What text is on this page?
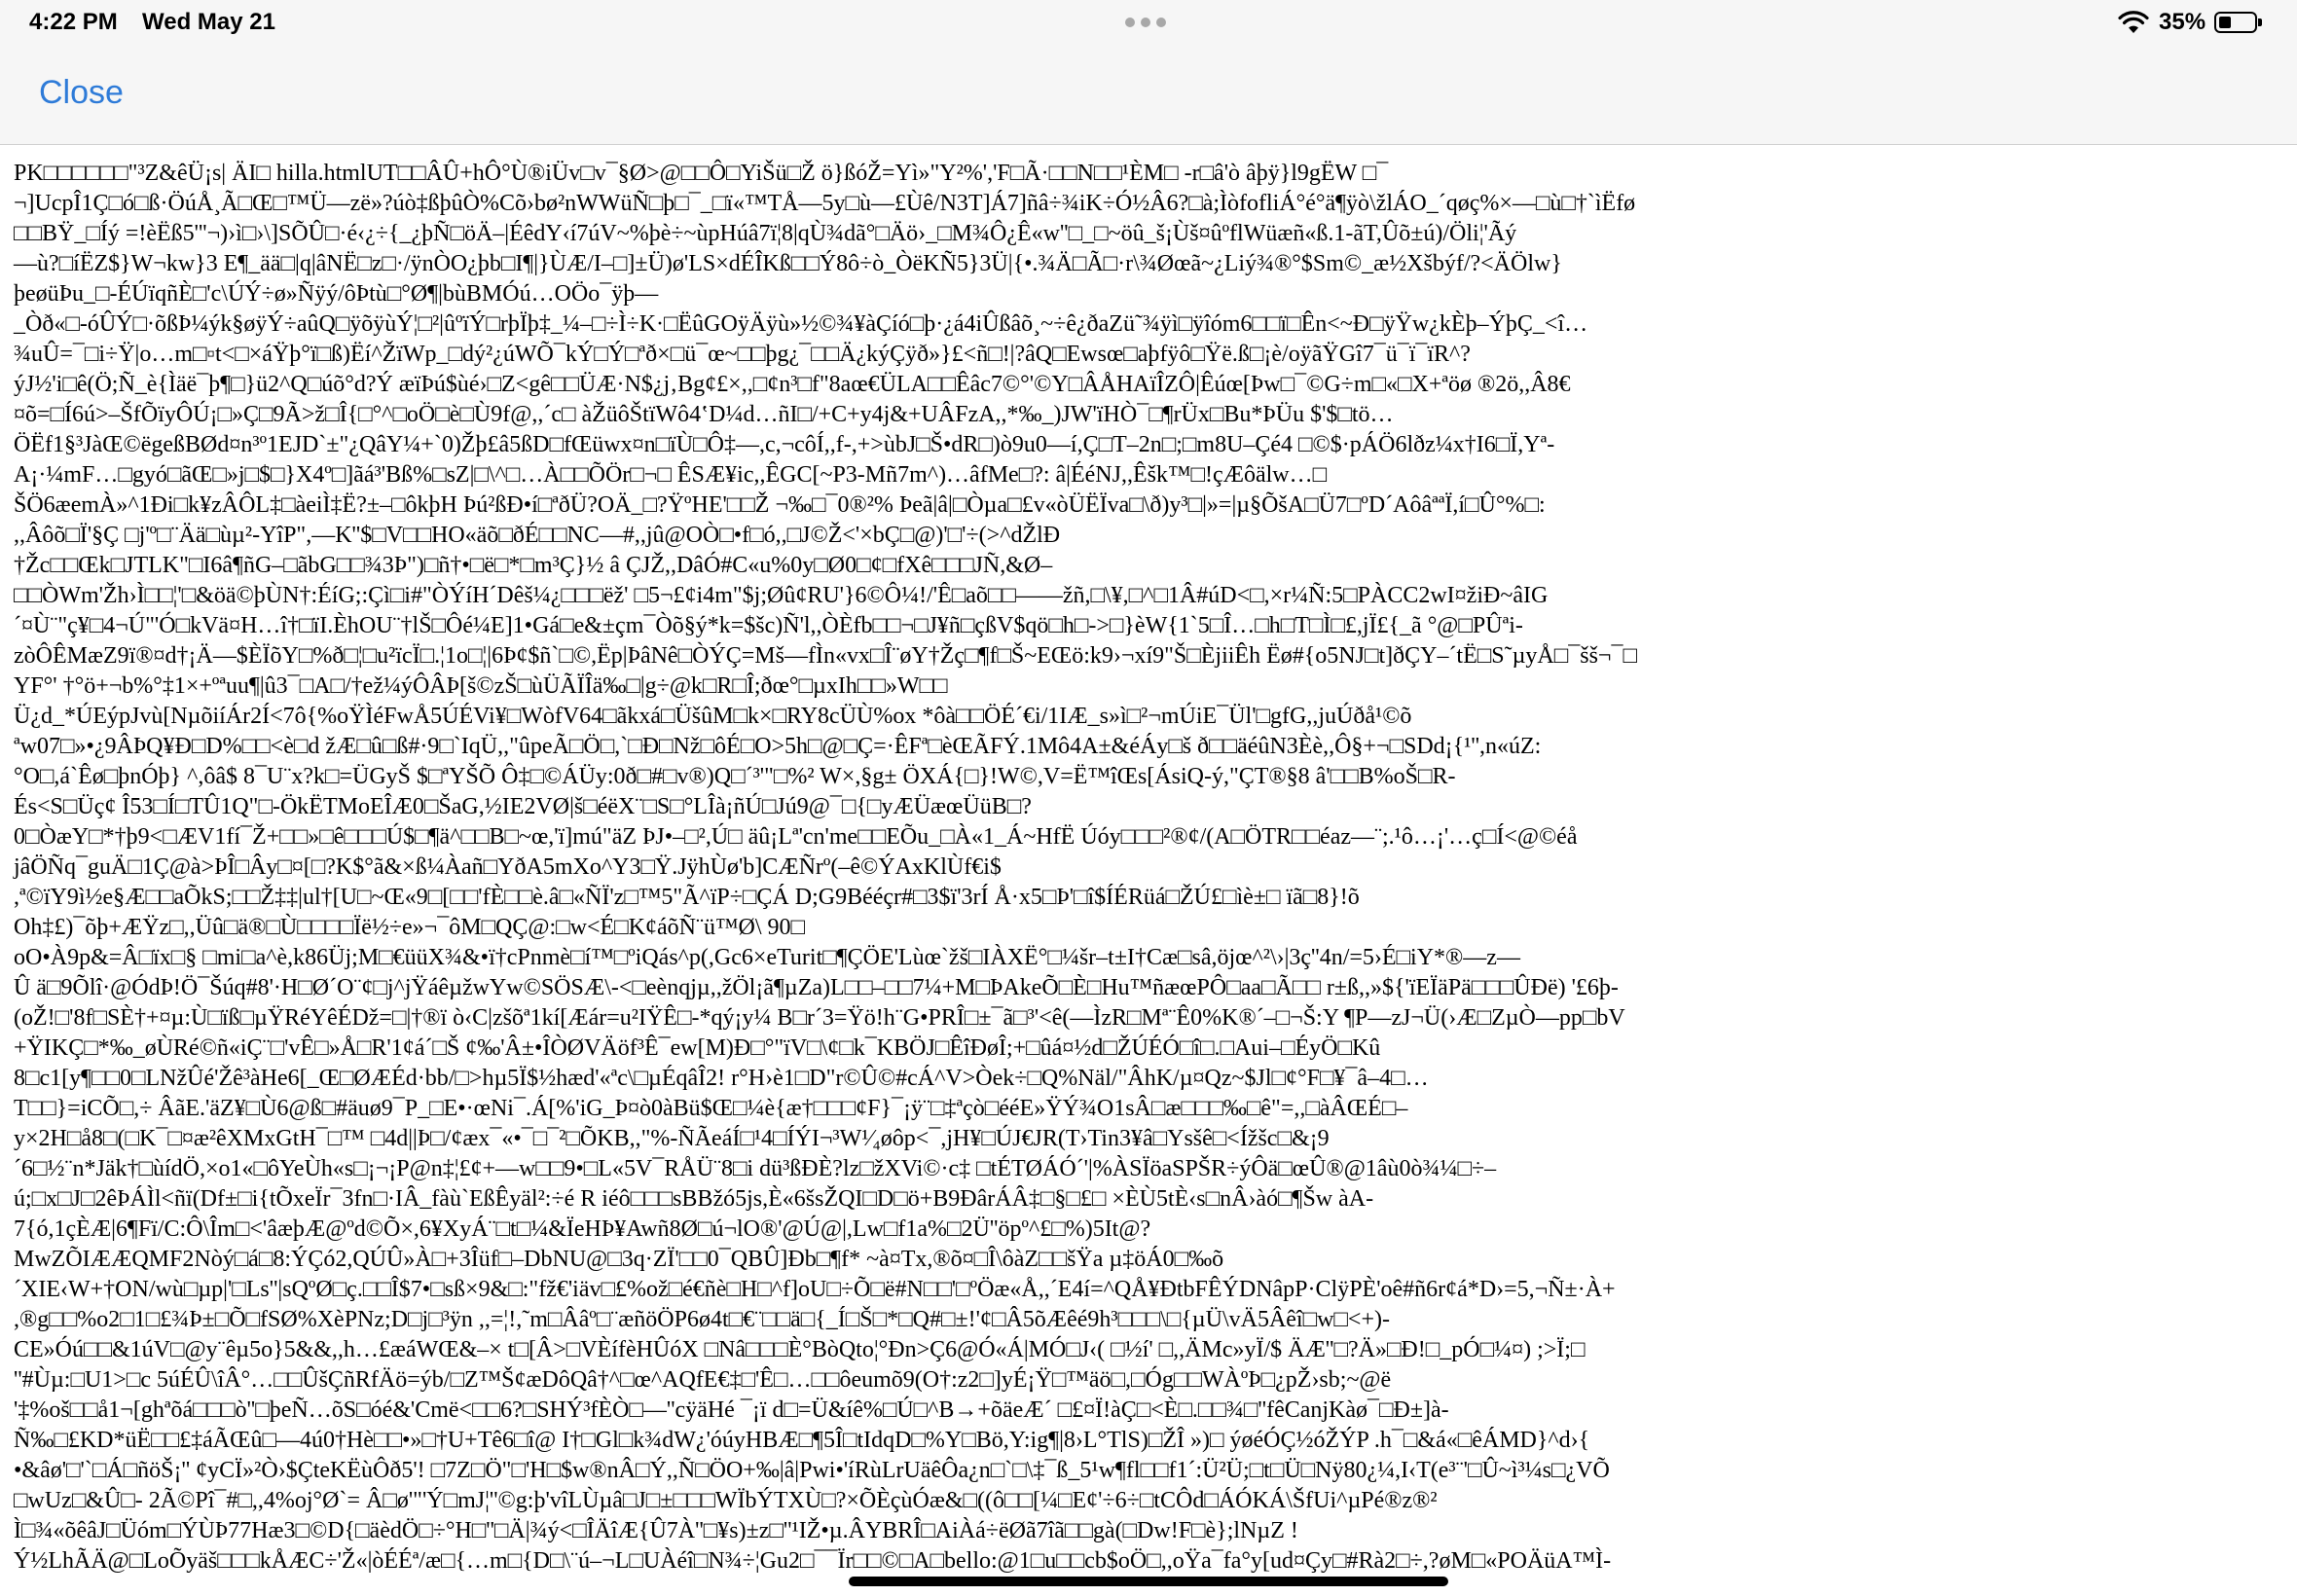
4:22 PM Wed May 21	35%
Close
PK□□□□□□"³Z&êÜ¡s| ÄI□ hilla.htmlUT□□ÂÛ+hÔ°Ù®iÜv□v¯§Ø>@□□Ô□YiŠü□Ž ö}ßóŽ=Yì»"Y²%','F□Ã·□□N□□¹ÈM□ -r□â'ò âþÿ}l9gËW □¯
¬]UcpÎ1Ç□ó□ß·ÖúÅ¸Ã□Œ□™Ü—zë»?úò‡ßþûÒ%Cõ›bø²nWWüÑ□þ□¯_□ï«™TÅ—5y□ù—£Ùê/N3T]Á7]ñâ÷¾iK÷Ó½Â6?□à;ÌòfofliÁ°é°ä¶ÿò\žlÁO_´qøç%×—□ù□†`ìËfø
□□BŸ_□Íý =!èËß5'''¬)›ì□›\]SÕÛ□·é‹¿÷{_¿þÑ□öÄ–|ÉêdY‹í7úV~%þè÷~ùpHúâ7ï¦8|qÙ¾dã°□Äö›_□M¾Ô¿Ê«w''□_□~öû_š¡Ùš¤ûºflWüæñ«ß.1-ãT,Ûõ±ú)/Öli¦'Ãý
—ù?□íËZ$}W¬kw}3 E¶_ää□|q|âNË□z□·/ÿnÒO¿þb□I¶|}ÙÆ/I–□]±Ü)ø'LS×dÉÎKß□□Ý8ô÷ò_ÒëKÑ5}3Ü|{•.¾Ä□Ã□·r\¾Øœã~¿Liý¾®°$Sm©_æ½Xšbýf/?<ÄÖlw}
þeøüÞu_□-ÉÚïqñÈ□'c\ÚÝ÷ø»Ñÿý/ôÞtù□°Ø¶|bùBMÓú…OÖo¯ÿþ—
_Òð«□-óÛÝ□·õßÞ¼ýk§øÿÝ÷aûQ□ÿõÿùÝ¦□²|ûºïÝ□rþÏþ‡_¼–□÷Ì÷K·□ËûGOÿÄÿù»½©¾¥àÇíó□þ·¿á4iÛßâõ¸~÷ê¿ðaZü˜¾ÿì□ÿîóm6□□ï□Ên<~Ð□ÿŸw¿kÈþ–ÝþÇ_<î…
¾uÛ=¯□i÷Ÿ|o…m□▫t<□×áŸþ°ï□ß)Ëí^ŽïWp_□dý²¿úWÕ¯kÝ□Ý□ªð×□ü¯œ~□□þg¿¯□□Ä¿kýÇÿð»}£<ñ□!|?âQ□Ewsœ□aþfÿô□Ÿë.ß□¡è/oÿãŸGî7¯ü¯ï¯ïR^?
ýJ½'i□ê(Ö;Ñ_è{Ìäë¯þ¶□}ü2^Q□úõ°d?Ý æïÞú$ùé›□Z<gê□□ÜÆ·N$¿j‚Bg¢£×,,□¢n³□f"8aœ€ÜLA□□Êâc7©°'©Y□ÂÅHAïÎZÔ|Êúœ[Þw□¯©G÷m□«□X+ªöø ®2ö,,Â8€
¤õ=□Í6ú>–ŠfÕïyÔÚ¡□»Ç□9Ã>ž□Î{□°^□oÖ□è□Ù9f@,,´c□ àŽüôŠtïWô4‛D¼d…ñI□/+C+y4j&+UÂFzA,,*‰_)JW'ïHÒ¯□¶rÜx□Bu*ÞÜu $'$□tö…
ÖËf1§³JàŒ©ëgeßBØd¤n³º1EJD`±"¿QâY¼+`0)Žþ£â5ßD□fŒüwx¤n□ïÙ□Ô‡—,c,¬côÍ,,f-,+>ùbJ□Š•dR□)ò9u0—í,Ç□T–2n□;□m8U–Çé4 □©$·pÁÖ6lðz¼x†I6□Ï,Yª-
A¡·¼mF…□gyó□ãŒ□»j□$□}X4º□]ãá³'Bß%□sZ|□\^□…À□□ÕÖr□¬□ ÊSÆ¥ic,,ÊGC[~P3-Mñ7m^)…âfMe□?: â|ÉéNJ,,Êšk™□!çÆôälw…□
ŠÖ6æemÀ»^1Ði□k¥zÂÔL‡□àeiÌ‡Ë?±–□ôkþH Þú²ßÐ•í□ªðÜ?OÄ_□?ŸºHE'□□Ž ¬‰□¯0®²% Þeã|â|□Òµa□£v«òÜËÏva□\ð)y³□|»=|µ§ÕšA□Ü7□ºD´AôâªªÏ,í□Û°%□:
,,Âôõ□Ï'§Ç □j'º□¨Ää□ùµ²-YîP",—K''$□V□□HO«äõ□ðÉ□□NC—#,,jû@OÒ□•f□ó,,□J©Ž<'×bÇ□@)'□'÷(>^dŽlÐ
†Žc□□Œk□JTLK"□I6â¶ñG–□ãbG□□¾3Þ")□ñ†•□ë□*□m³Ç}½ â ÇJŽ,,DâÓ#C«u%0y□Ø0□¢□fXê□□□JÑ,&Ø–
□□ÒWm'Žh›Ì□□¦'□&öä©þÙN†:ÉíG;:Çì□i#"ÒÝíH´Dêš¼¿□□□ëž' □5¬£¢i4m"$j;Øû¢RU'}6©Ô¼!/'Ê□aõ□□——žñ,□\¥,□^□1Â#úD<□,×r¼Ñ:5□PÀCC2wI¤žiÐ~âIG
´¤Ù¨"ç¥□4¬Ú"'Ó□kVä¤H…î†□ïI.ÈhOU¨†lŠ□Ôé¼E]1•Gá□e&±çm¯Òõ§ý*k=$šc)Ñ'l,,ÒÈfb□□¬□J¥ñ□çßV$qö□h□->□}èW{1`5□Î…□h□T□Ì□£,jÏ£{_ã °@□PÛªi-
zòÔÊMæZ9ï®¤d†¡Ä—$ÈÏõY□%ð□¦□u²ïcÏ□.¦1o□¦|6Þ¢$ñ`□©,Ëp|ÞâNê□ÒÝÇ=Mš—fÌn«vx□Î¨øY†Žç□¶f□Š~EŒö:k9›¬xí9"Š□ÈjiiÊh Ëø#{o5NJ□t]ðÇY–´tË□S˜µyÅ□¯šš¬¯□
YF°' †°ö+¬b%°‡1×+ºªuu¶|û3¯□A□/†ež¼ýÔÂÞ[š©zŠ□ùÜÃÏÎä‰□|g÷@k□R□Î;ðœ°□µxIh□□»W□□
Ü¿d_*ÚEýpJvù[NµõiíÁr2Í<7ô{%oŸÌéFwÅ5ÚÉVi¥□WòfV64□ãkxá□ÜšûM□k×□RY8cÜÙ%ox *ôà□□ÖÉ´€i/1IÆ_s»ì□²¬mÚiE¯Ül'□gfG,,juÚðå¹©õ
ªw07□»•¿9ÂÞQ¥Ð□D%□□<è□d žÆ□û□ß#·9□`IqÜ,,"ûpeÃ□Ö□,`□Ð□Nž□ôÉ□O>5h□@□Ç=·ÊFª□èŒÃFÝ.1Mô4A±&éÁy□š ð□□äéûN3Èè,,Ô§+¬□SDd¡{¹'',n«úZ:
°O□,á`Êø□þnÓþ} ^,ôâ$ 8¯U¨x?k□=ÜGyŠ $□ªYŠÕ Ô‡□©ÁÜy:0ð□#□v®)Q□´³'"□%² W×,§g± ÖXÁ{□}!W©,V=Ë™îŒs[ÁsiQ-ý,"ÇT®§8 â'□□B%oŠ□R-
És<S□Üç¢ Î53□Í□TÛ1Q"□-ÖkËTMoEÎÆ0□ŠaG,½IE2VØ|š□éëX¨□S□°LÎà¡ñÚ□Jú9@¯□{□yÆÜæœÜüB□?
0□ÒæY□*†þ9<□ÆV1fí¯Ž+□□»□ê□□□Ú$□¶ä^□□B□~œ,'ï]mú"äZ ÞJ•–□²,Ú□ äû¡Lª'cn'me□□EÕu_□À«1_Á~HfË Úóy□□□²®¢/(A□ÖTR□□éaz—¨;.¹ô…¡'…ç□Í<@©éå
jâÖÑq¯guÄ□1Ç@à>ÞÎ□Ây□¤[□?K$°ã&×ß¼Àañ□YðA5mXo^Y3□Ÿ.JÿhÙø'b]CÆÑrº(–ê©ÝAxKlÙf€i$
,ª©ïY9ì½e§Æ□□aÕkS;□□Ž‡‡|ul†[U□~Œ«9□[□□'fÈ□□è.â□«ÑÏ'z□™5"Ã^ïP÷□ÇÁ D;G9Bééçr#□3$ï'3rÍ Å·x5□Þ'□î$ÍÉRüá□ŽÚ£□ìè±□ ïã□8}!õ
Oh‡£)¯õþ+ÆŸz□,,Üû□ä®□Ù□□□□Ïë½÷e»¬¯ôM□QÇ@:□w<É□K¢áõÑ¨ü™Ø\ 90□
oO•À9p&=Â□ïx□§ □mi□a^è,k86Üj;M□€üüX¾&•ï†cPnmè□í™□ºiQás^p(,Gc6×eTurit□¶ÇÖE'Lùœ`žš□IÀXË°□¼šr–t±I†Cæ□sâ,öjœ^²\›|3ç''4n/=5›É□iY*®—z—
Û ä□9Õlî·@ÓdÞ!Ö¯Šúq#8'·H□Ø´O¨¢□j^jŸáêµžwYw©SÖSÆ\-<□eènqjµ,,žÖl¡ã¶µZa)L□□–□□7¼+M□ÞAkeÕ□È□Hu™ñæœPÔ□aa□Ã□□ r±ß,,»${'ïEÏäPä□□□ÛÐë) '£6þ-
(oŽ!□'8f□SÈ†+¤µ:Ù□ïß□µŸRéYêÉDž=□|†®ï ò‹C|zšõª1kí[Æár=u²IŸÊ□-*qý¡y¼ B□r´3=Ÿö!h¨G•PRÎ□±¯ã□³'<ê(—ÌzR□Mª¨Ê0%K®´–□¬Š:Y ¶P—zJ¬Ü(›Æ□ZµÒ—pp□bV
+ŸIKÇ□*‰_øÙRé©ñ«iÇ¨□'vÊ□»Å□R'1¢á´□Š ¢‰'Â±•ÎÒØVÄöf³Ê¯ew[M)Ð□°"ïV□\¢□k¯KBÖJ□ÊîÐøÎ;+□ûá¤½d□ŽÚÉÓ□î□.□Aui–□ÉyÖ□Kû
8□c1[y¶□□0□LNžÛé'Žê³àHe6[_Œ□ØÆÉd·bb/□>hµ5Ï$½hæd'«ªc\□µÉqâÎ2! r°H›è1□D"r©Û©#cÁ^V>Òek÷□Q%Näl/"ÂhK/µ¤Qz~$Jl□¢°F□¥¯â–4□…
T□□}=iCÕ□,÷ ÂãE.'äZ¥□Ù6@ß□#äuø9¯P_□E•·œNi¯.Á[%'iG_Þ¤ò0àBü$Œ□¼è{æ†□□□¢F}¯¡ÿ¨□‡ªçò□ééE»ŸÝ¾O1sÂ□æ□□□‰□ê"=,,□àÂŒÉ□–
y×2H□å8□(□K¯□¤æ²êXMxGtH¯□™ □4d||Þ□/¢æx¯«•¯□¯²□ÕKB,,"%-ÑÃeáÍ□¹4□ÍÝI¬³W¹⁄₄øôp<¯,jH¥□ÚJ€JR(T›Tin3¥â□Ysšê□<Ížšc□&¡9
´6□½¨n*Jäk†□ùídÖ,×o1«□ôYeÙh«s□¡¬¡P@n‡¦£¢+—w□□9•□L«5V¯RÅÜ¨8□i dü³ßÐÈ?lz□žXVi©·c‡ □tÉTØÁÓ´'|%ÀSÏöaSPŠR÷ýÔä□œÛ®@1âù0ò¾¼□÷–
ú;□x□J□2êÞÁÌl<ñï(Df±□i{tÕxeÏr¯3fn□·IÂ_fàù`EßÊyäl²:÷é R iéô□□□sBBžó5js,È«6šsŽQI□D□ö+B9ÐârÁÂ‡□§□£□ ×ÈÙ5tÈ‹s□nÂ›àó□¶Šw àA-
7{ó,1çÈÆ|6¶Fï/C:Ô\Îm□<'âæþÆ@ºd©Õ×,6¥XyÁ¨□t□¼&ÏeHÞ¥Awñ8Ø□ú¬lO®'@Ú@|,Lw□f1a%□2Ü''öpº^£□%)5It@?
MwZÕIÆÆQMF2Nòý□á□8:ÝÇó2,QÚÛ»À□+3Îüf□–DbNU@□3q·ZÏ'□□0¯QBÛ]Ðb□¶f* ~à¤Tx,®õ¤□Î\ôàZ□□šŸa µ‡öÁ0□‰õ
´XIE‹W+†ON/wù□µp|'□Ls''|sQºØ□ç.□□Î$7•□sß×9&□:"fž€'iäv□£%ož□é€ñè□H□^f]oU□÷Õ□ë#N□□'□ºÖæ«Å,,´E4í=^QÅ¥ÐtbFÊÝDNâpP·ClÿPÈ'oê#ñ6r¢á*D›=5,¬Ñ±·À+
,®g□□%o2□1□£¾Þ±□Õ□fSØ%XèPNz;D□j□³ÿn ,,=¦!,˜m□Ââº□¨æñöÖP6ø4t□€¨□□ä□{_Í□Š□*□Q#□±!'¢□Â5õÆêé9h³□□□\□{µÜ\vÄ5Âêî□w□<+)-
CE»Óú□□&1úV□@y¨êµ5o}5&&,,h…£æáWŒ&–× t□[Â>□VÈífèHÛóX □Nâ□□□È°BòQto¦°Ðn>Ç6@Ó«Á|MÓ□J‹( □½í' □,,ÄMc»yÏ/$ ÄÆ''□?Ä»□Ð!□_pÓ□¼¤) ;>Ï;□
''#Ùµ:□U1>□c 5úÉÛ\îÂ°…□□ÛšÇñRfÄö=ýb/□Z™Š¢æDôQâ†^□œ^AQfE€‡□'Ê□…□□ôeumõ9(O†:z2□]yÉ¡Ÿ□™äö□,□Óg□□WÀºÞ□¿pŽ›sb;~@ë
'‡%oš□□å1¬[ghªõá□□□ò''□þeÑ…õS□óé&'Cmë<□□6?□SHÝ³fÈÒ□—''cÿäHé ¯¡ï d□=Ü&íê%□Ú□^B→+õäeÆ´ □£¤Ï!àÇ□<È□.□□¾□''fêCanjKàø¯□Ð±]à-
Ñ‰□£KD*üË□□£‡áÃŒû□—4ú0†Hè□□•»□†U+Tê6□î@ I†□Gl□k¾dW¿'óúyHBÆ□¶5Î□tIdqD□%Y□Bö,Y:ig¶|8›L°TlS)□ŽÎ »)□ ýøéÓÇ½óŽÝP .h¯□&á«□êÁMD}^d›{
•&âø'□'`□Á□ñöŠ¡'' ¢yCÏ»²Ò›$ÇteKËùÔð5'! □7Z□Ö"□'H□$w®nÂ□Ý,,Ñ□ÖO+‰|â|Pwi•'íRùLrUäêÔa¿n□`□\‡¯ß_5¹w¶fl□□f1´:Ü²Ü;□t□Ü□Nÿ80¿¼,I‹T(e³¨'□Û~ì³¼s□¿VÕ
□wUz□&Û□- 2Ã©Pî¯#□,,4%oj°Ø`= Â□ø'"'Ý□mJ¦''©g:þ'vîLÙµâ□J□±□□□WÏbÝTXÙ□?×ÕÈçùÓæ&□((ô□□[¼□E¢'÷6÷□tCÔd□ÁÓKÁ\ŠfUi^µPé®z®²
Ì□¾«õêâJ□Üóm□ÝÙÞ77Hæ3□©D{□äèdÖ□÷°H□''□Ä|¾ý<□ÎÄîÆ{Û7À''□¥s)±z□''¹IŽ•µ.ÂYBRÎ□AiÀá÷ëØã7îã□□gà(□Dw!F□è};lNµZ !
Ý½LhÃÄ@□LoÕyäš□□□kÅÆC÷'Ž«|òÉÉª/æ□{…m□{D□\¨ú–¬L□UÀéî□N¾÷¦Gu2□¯¯Ïr□□©□A□bello:@1□u□□cb$oÖ□,,oŸa¯fa°y[ud¤Çy□#Rà2□÷,?øM□«POÄüA™Ì-
